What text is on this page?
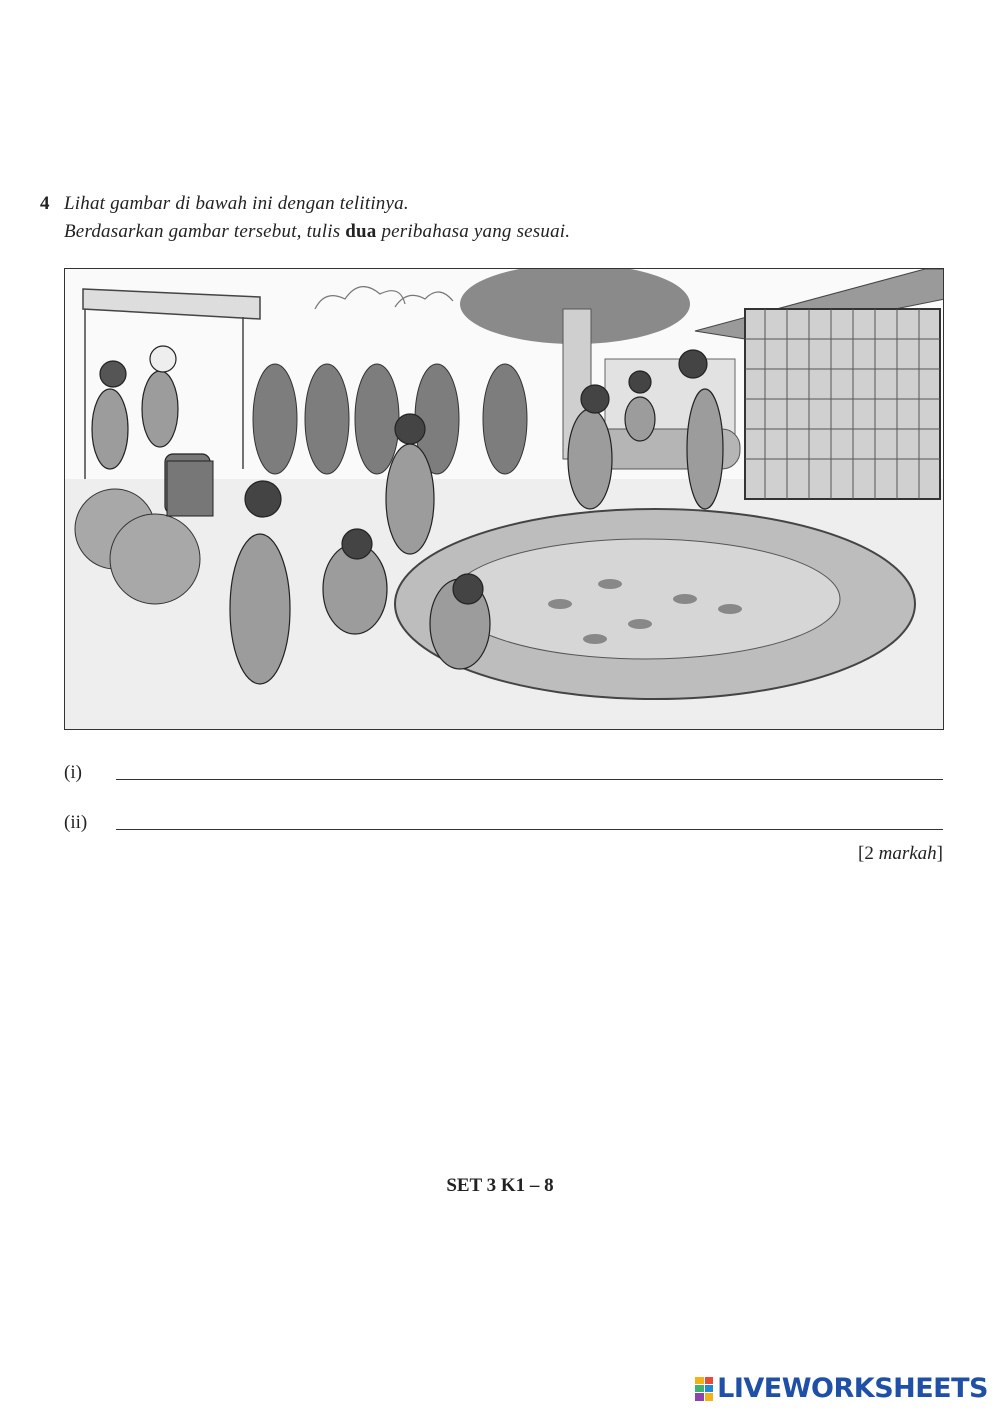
4 Lihat gambar di bawah ini dengan telitinya.
Berdasarkan gambar tersebut, tulis dua peribahasa yang sesuai.
(i)
(ii)
[2 markah]
SET 3 K1 – 8
LIVEWORKSHEETS
